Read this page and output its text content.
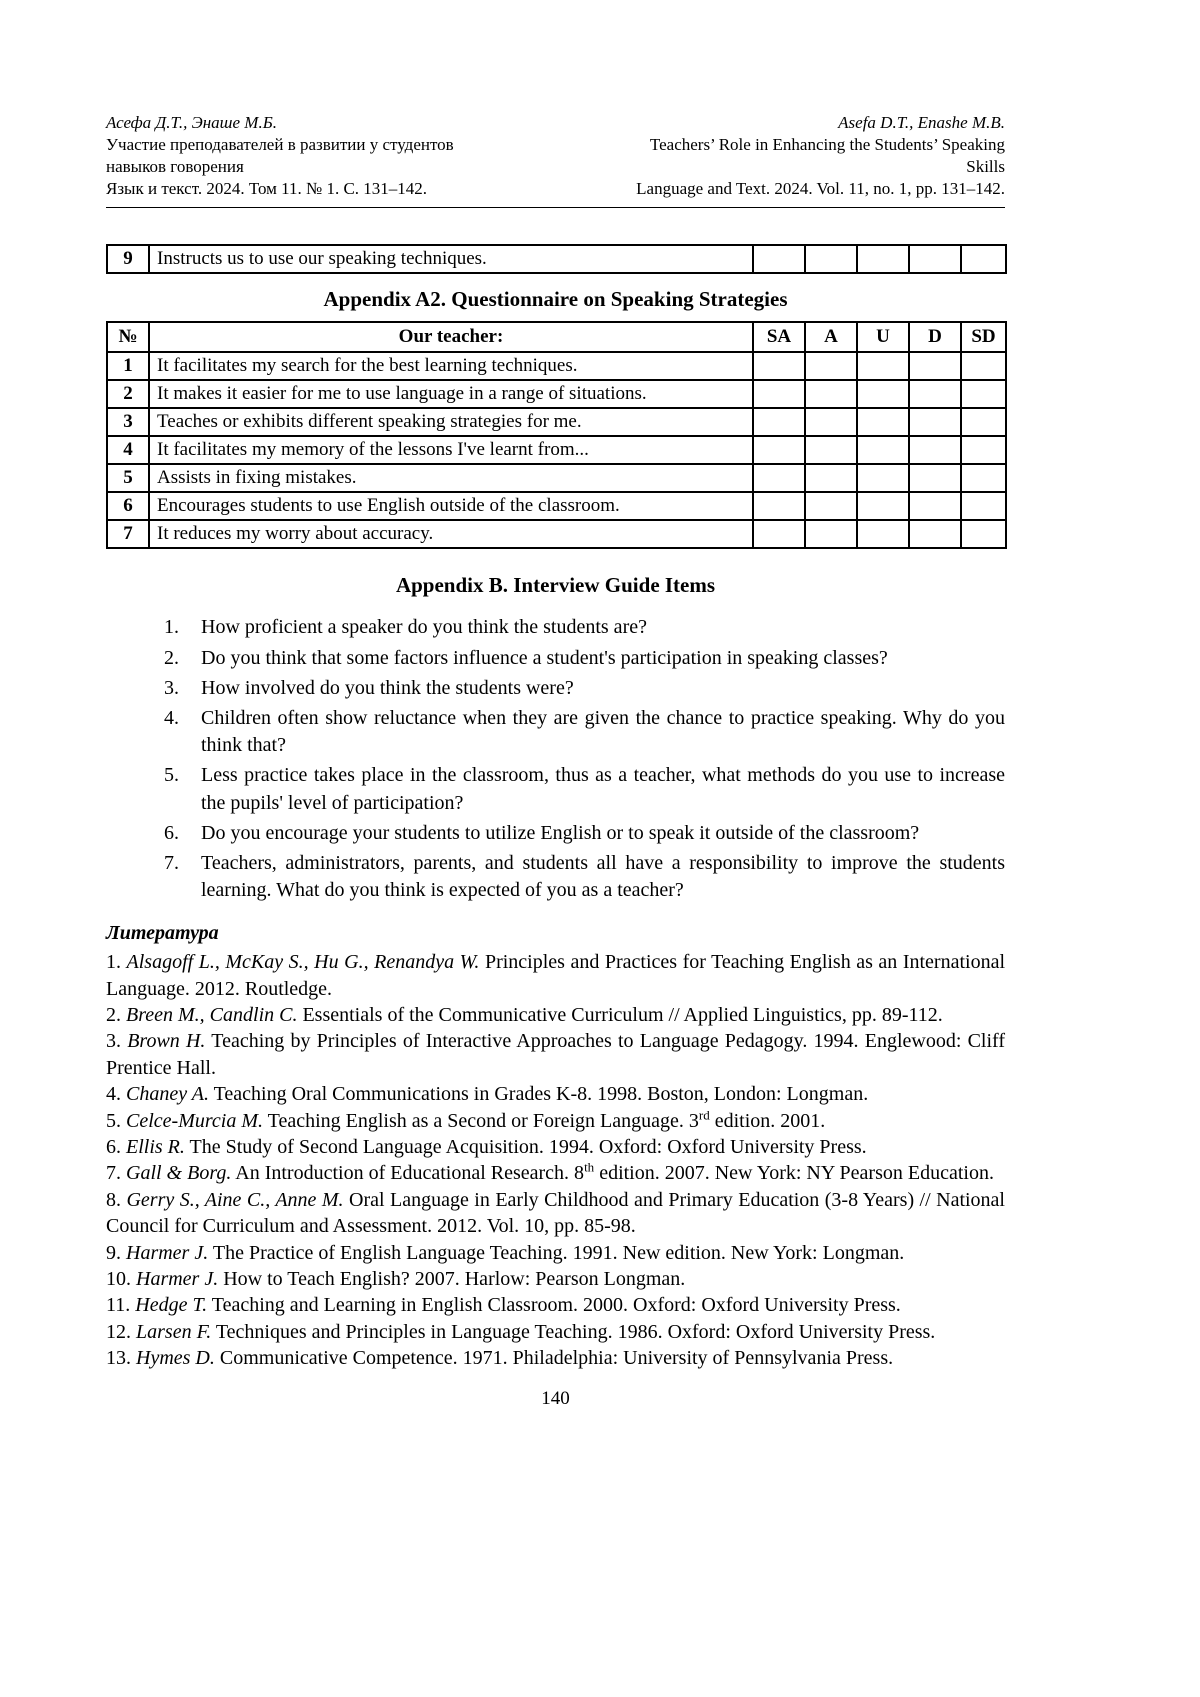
Асефа Д.Т., Энаше М.Б.
Участие преподавателей в развитии у студентов
навыков говорения
Язык и текст. 2024. Том 11. № 1. С. 131–142.
Asefa D.T., Enashe M.B.
Teachers’ Role in Enhancing the Students’ Speaking
Skills
Language and Text. 2024. Vol. 11, no. 1, pp. 131–142.
9	Instructs us to use our speaking techniques.					
Appendix A2. Questionnaire on Speaking Strategies
№	Our teacher:	SA	A	U	D	SD
1	It facilitates my search for the best learning techniques.					
2	It makes it easier for me to use language in a range of situations.					
3	Teaches or exhibits different speaking strategies for me.					
4	It facilitates my memory of the lessons I've learnt from...					
5	Assists in fixing mistakes.					
6	Encourages students to use English outside of the classroom.					
7	It reduces my worry about accuracy.					
Appendix B. Interview Guide Items
1.	How proficient a speaker do you think the students are?
2.	Do you think that some factors influence a student's participation in speaking classes?
3.	How involved do you think the students were?
4.	Children often show reluctance when they are given the chance to practice speaking. Why do you think that?
5.	Less practice takes place in the classroom, thus as a teacher, what methods do you use to increase the pupils' level of participation?
6.	Do you encourage your students to utilize English or to speak it outside of the classroom?
7.	Teachers, administrators, parents, and students all have a responsibility to improve the students learning. What do you think is expected of you as a teacher?
Литература

1. Alsagoff L., McKay S., Hu G., Renandya W. Principles and Practices for Teaching English as an International Language. 2012. Routledge.

2. Breen M., Candlin C. Essentials of the Communicative Curriculum // Applied Linguistics, pp. 89-112.

3. Brown H. Teaching by Principles of Interactive Approaches to Language Pedagogy. 1994. Englewood: Cliff Prentice Hall.

4. Chaney A. Teaching Oral Communications in Grades K-8. 1998. Boston, London: Longman.

5. Celce-Murcia M. Teaching English as a Second or Foreign Language. 3rd edition. 2001.

6. Ellis R. The Study of Second Language Acquisition. 1994. Oxford: Oxford University Press.

7. Gall & Borg. An Introduction of Educational Research. 8th edition. 2007. New York: NY Pearson Education.

8. Gerry S., Aine C., Anne M. Oral Language in Early Childhood and Primary Education (3-8 Years) // National Council for Curriculum and Assessment. 2012. Vol. 10, pp. 85-98.

9. Harmer J. The Practice of English Language Teaching. 1991. New edition. New York: Longman.

10. Harmer J. How to Teach English? 2007. Harlow: Pearson Longman.

11. Hedge T. Teaching and Learning in English Classroom. 2000. Oxford: Oxford University Press.

12. Larsen F. Techniques and Principles in Language Teaching. 1986. Oxford: Oxford University Press.

13. Hymes D. Communicative Competence. 1971. Philadelphia: University of Pennsylvania Press.

140
